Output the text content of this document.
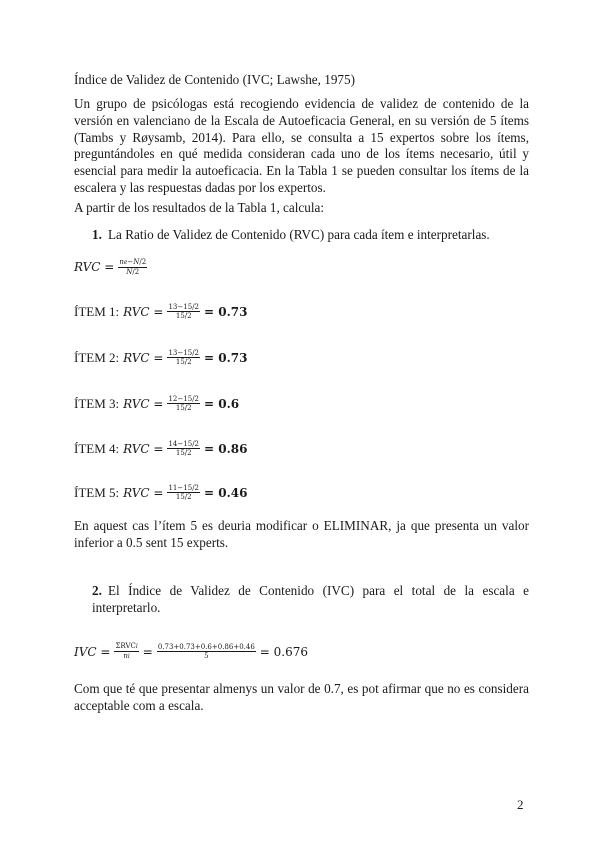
Índice de Validez de Contenido (IVC; Lawshe, 1975)
Un grupo de psicólogas está recogiendo evidencia de validez de contenido de la versión en valenciano de la Escala de Autoeficacia General, en su versión de 5 ítems (Tambs y Røysamb, 2014). Para ello, se consulta a 15 expertos sobre los ítems, preguntándoles en qué medida consideran cada uno de los ítems necesario, útil y esencial para medir la autoeficacia. En la Tabla 1 se pueden consultar los ítems de la escalera y las respuestas dadas por los expertos.
A partir de los resultados de la Tabla 1, calcula:
1. La Ratio de Validez de Contenido (RVC) para cada ítem e interpretarlas.
RVC = $\frac{ne-N/2}{N/2}$
ÍTEM 1: RVC = $\frac{13-15/2}{15/2} = 0.73$
ÍTEM 2: RVC = $\frac{13-15/2}{15/2} = 0.73$
ÍTEM 3: RVC = $\frac{12-15/2}{15/2} = 0.6$
ÍTEM 4: RVC = $\frac{14-15/2}{15/2} = 0.86$
ÍTEM 5: RVC = $\frac{11-15/2}{15/2} = 0.46$
En aquest cas l’ítem 5 es deuria modificar o ELIMINAR, ja que presenta un valor inferior a 0.5 sent 15 experts.
2. El Índice de Validez de Contenido (IVC) para el total de la escala e interpretarlo.
IVC = $\frac{\text{ΣRVCi}}{ni} = \frac{0.73+0.73+0.6+0.86+0.46}{5} = 0.676$
Com que té que presentar almenys un valor de 0.7, es pot afirmar que no es considera acceptable com a escala.
2
